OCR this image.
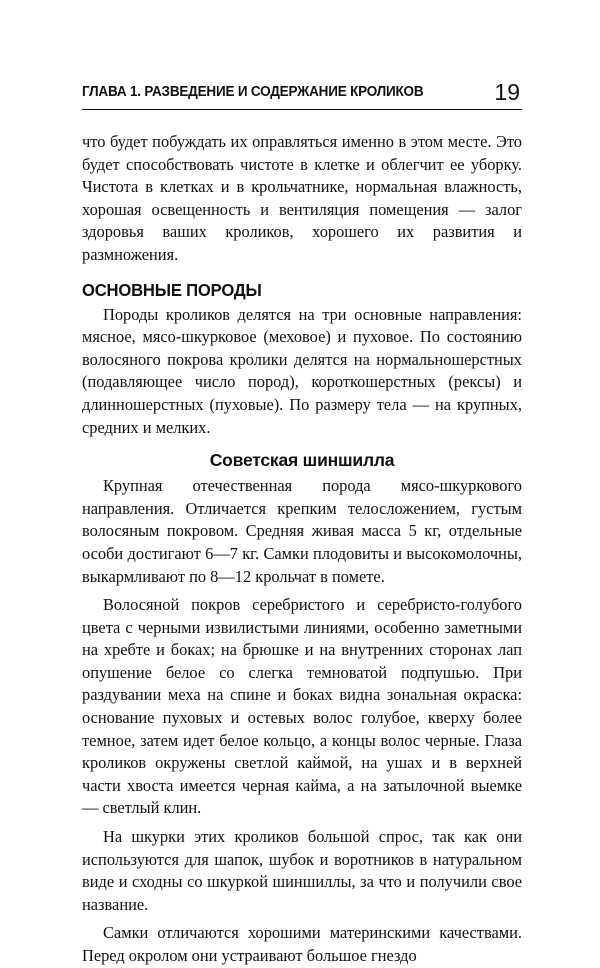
ГЛАВА 1. РАЗВЕДЕНИЕ И СОДЕРЖАНИЕ КРОЛИКОВ	19

что будет побуждать их оправляться именно в этом месте. Это будет способствовать чистоте в клетке и облегчит ее уборку. Чистота в клетках и в крольчатнике, нормальная влажность, хорошая освещенность и вентиляция помещения — залог здоровья ваших кроликов, хорошего их развития и размножения.

ОСНОВНЫЕ ПОРОДЫ

Породы кроликов делятся на три основные направления: мясное, мясо-шкурковое (меховое) и пуховое. По состоянию волосяного покрова кролики делятся на нормальношерстных (подавляющее число пород), короткошерстных (рексы) и длинношерстных (пуховые). По размеру тела — на крупных, средних и мелких.

Советская шиншилла

Крупная отечественная порода мясо-шкуркового направления. Отличается крепким телосложением, густым волосяным покровом. Средняя живая масса 5 кг, отдельные особи достигают 6—7 кг. Самки плодовиты и высокомолочны, выкармливают по 8—12 крольчат в помете.

Волосяной покров серебристого и серебристо-голубого цвета с черными извилистыми линиями, особенно заметными на хребте и боках; на брюшке и на внутренних сторонах лап опушение белое со слегка темноватой подпушью. При раздувании меха на спине и боках видна зональная окраска: основание пуховых и остевых волос голубое, кверху более темное, затем идет белое кольцо, а концы волос черные. Глаза кроликов окружены светлой каймой, на ушах и в верхней части хвоста имеется черная кайма, а на затылочной выемке — светлый клин.

На шкурки этих кроликов большой спрос, так как они используются для шапок, шубок и воротников в натуральном виде и сходны со шкуркой шиншиллы, за что и получили свое название.

Самки отличаются хорошими материнскими качествами. Перед окролом они устраивают большое гнездо
